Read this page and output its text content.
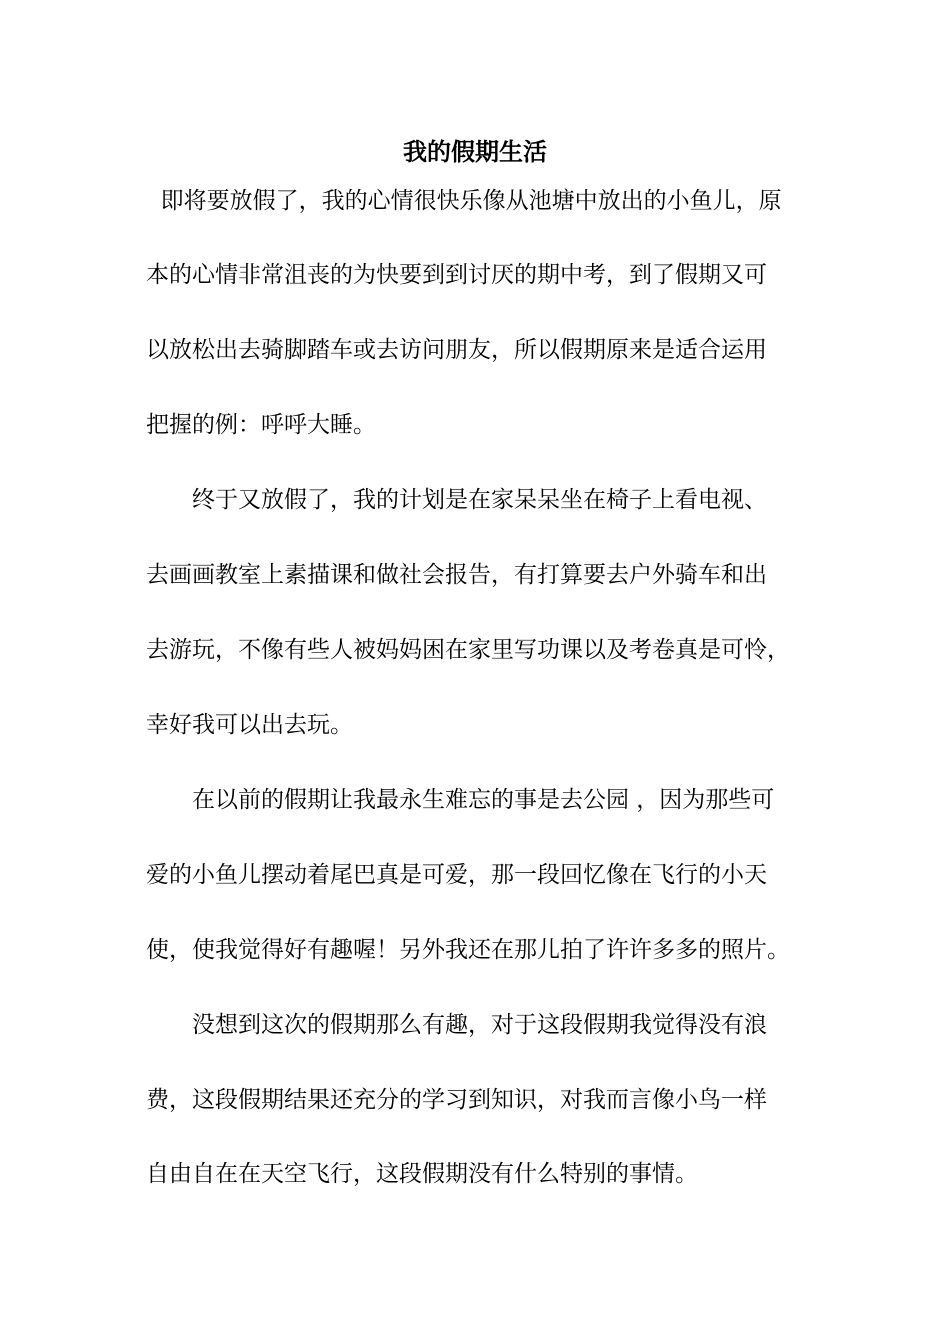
我的假期生活
即将要放假了，我的心情很快乐像从池塘中放出的小鱼儿，原
本的心情非常沮丧的为快要到到讨厌的期中考，到了假期又可
以放松出去骑脚踏车或去访问朋友，所以假期原来是适合运用
把握的例：呼呼大睡。
　　终于又放假了，我的计划是在家呆呆坐在椅子上看电视、
去画画教室上素描课和做社会报告，有打算要去户外骑车和出
去游玩，不像有些人被妈妈困在家里写功课以及考卷真是可怜，
幸好我可以出去玩。
　　在以前的假期让我最永生难忘的事是去公园 ，因为那些可
爱的小鱼儿摆动着尾巴真是可爱，那一段回忆像在飞行的小天
使，使我觉得好有趣喔！另外我还在那儿拍了许许多多的照片。
　　没想到这次的假期那么有趣，对于这段假期我觉得没有浪
费，这段假期结果还充分的学习到知识，对我而言像小鸟一样
自由自在在天空飞行，这段假期没有什么特别的事情。
